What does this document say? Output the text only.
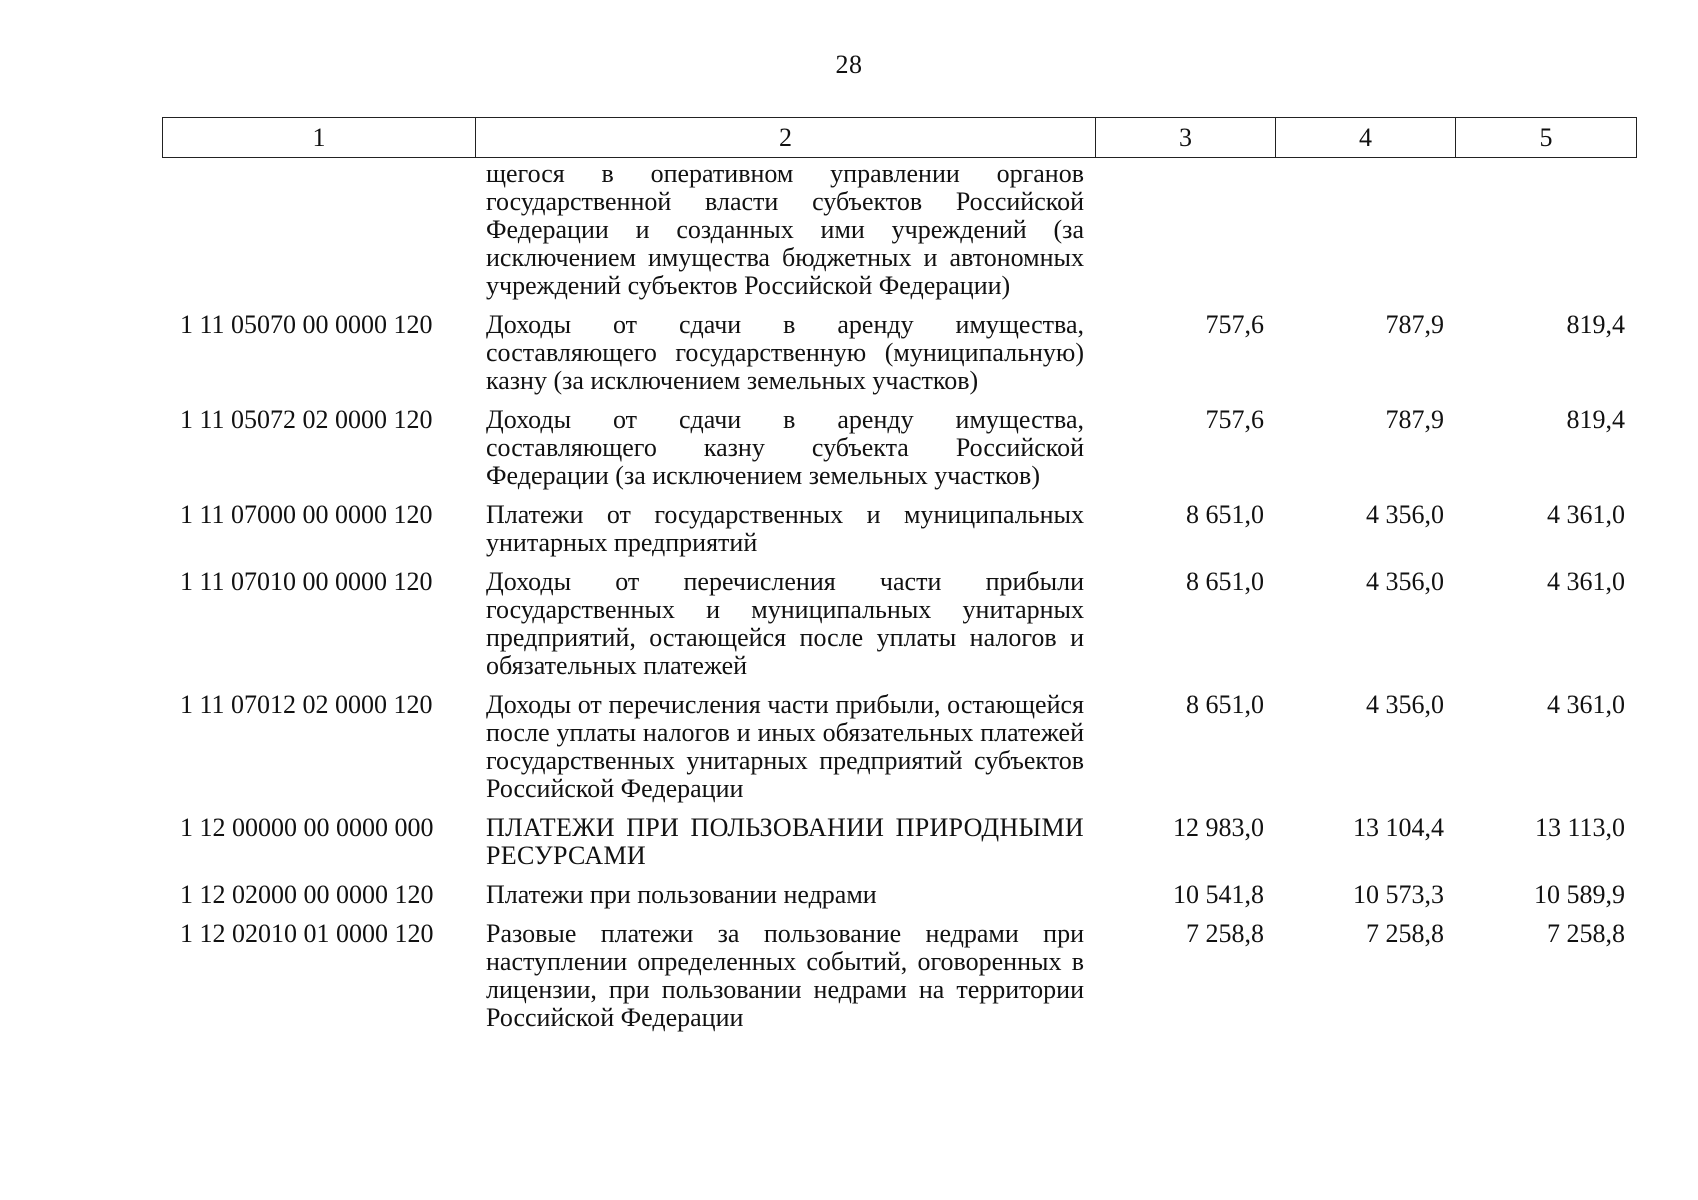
28
1	2	3	4	5
	щегося в оперативном управлении органов государственной власти субъектов Российской Федерации и созданных ими учреждений (за исключением имущества бюджетных и автономных учреждений субъектов Российской Федерации)			
1 11 05070 00 0000 120	Доходы от сдачи в аренду имущества, составляющего государственную (муниципальную) казну (за исключением земельных участков)	757,6	787,9	819,4
1 11 05072 02 0000 120	Доходы от сдачи в аренду имущества, составляющего казну субъекта Российской Федерации (за исключением земельных участков)	757,6	787,9	819,4
1 11 07000 00 0000 120	Платежи от государственных и муниципальных унитарных предприятий	8 651,0	4 356,0	4 361,0
1 11 07010 00 0000 120	Доходы от перечисления части прибыли государственных и муниципальных унитарных предприятий, остающейся после уплаты налогов и обязательных платежей	8 651,0	4 356,0	4 361,0
1 11 07012 02 0000 120	Доходы от перечисления части прибыли, остающейся после уплаты налогов и иных обязательных платежей государственных унитарных предприятий субъектов Российской Федерации	8 651,0	4 356,0	4 361,0
1 12 00000 00 0000 000	ПЛАТЕЖИ ПРИ ПОЛЬЗОВАНИИ ПРИРОДНЫМИ РЕСУРСАМИ	12 983,0	13 104,4	13 113,0
1 12 02000 00 0000 120	Платежи при пользовании недрами	10 541,8	10 573,3	10 589,9
1 12 02010 01 0000 120	Разовые платежи за пользование недрами при наступлении определенных событий, оговоренных в лицензии, при пользовании недрами на территории Российской Федерации	7 258,8	7 258,8	7 258,8
